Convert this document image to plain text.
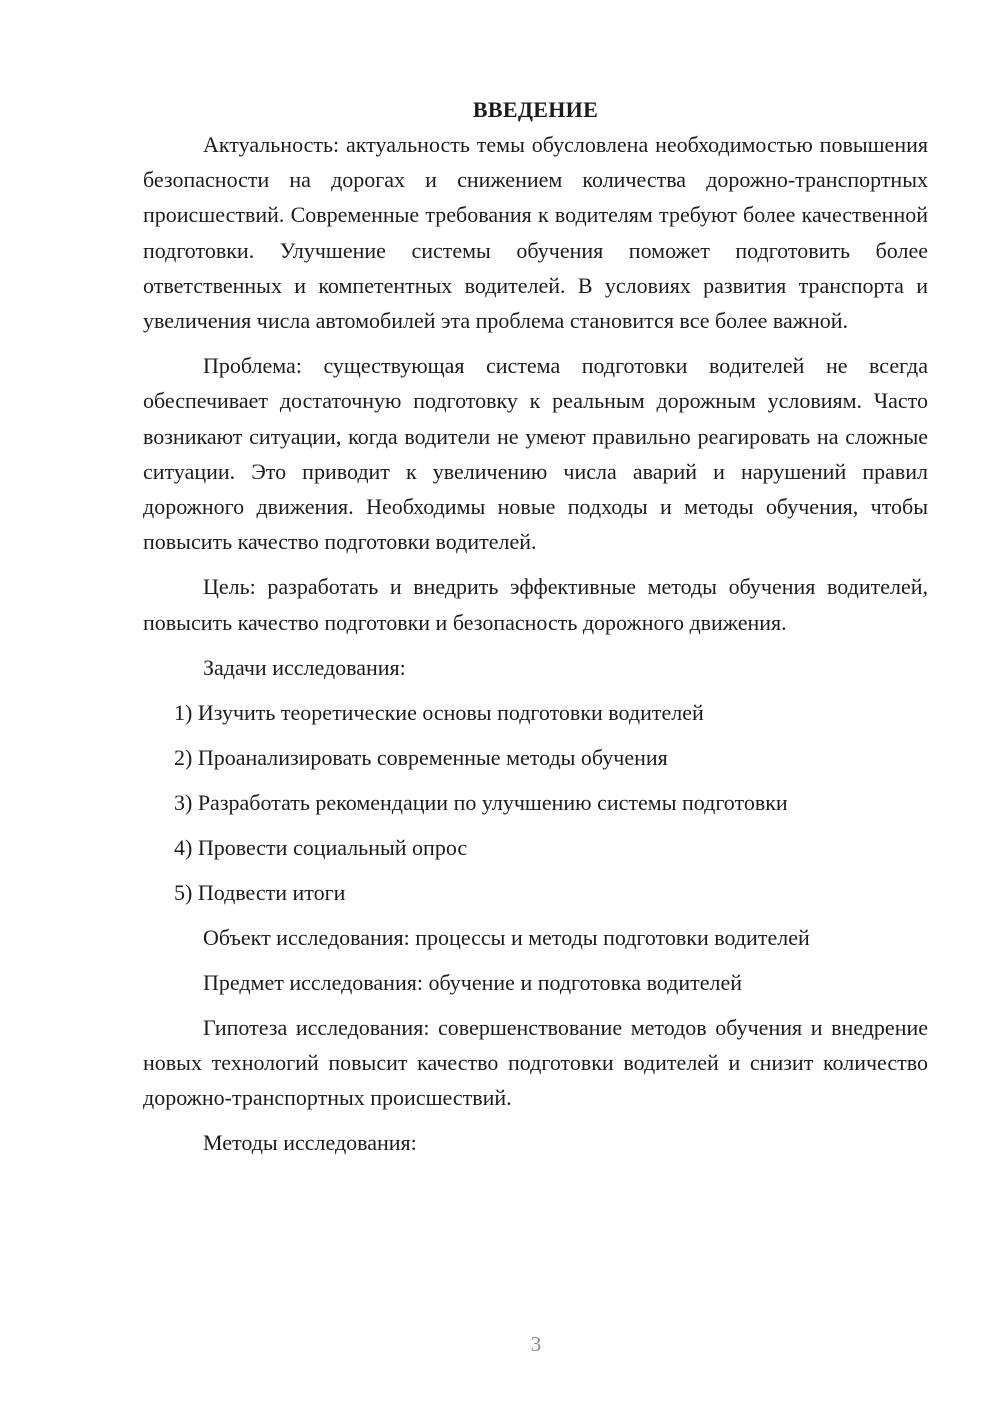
ВВЕДЕНИЕ

Актуальность: актуальность темы обусловлена необходимостью повышения безопасности на дорогах и снижением количества дорожно-транспортных происшествий. Современные требования к водителям требуют более качественной подготовки. Улучшение системы обучения поможет подготовить более ответственных и компетентных водителей. В условиях развития транспорта и увеличения числа автомобилей эта проблема становится все более важной.

Проблема: существующая система подготовки водителей не всегда обеспечивает достаточную подготовку к реальным дорожным условиям. Часто возникают ситуации, когда водители не умеют правильно реагировать на сложные ситуации. Это приводит к увеличению числа аварий и нарушений правил дорожного движения. Необходимы новые подходы и методы обучения, чтобы повысить качество подготовки водителей.

Цель: разработать и внедрить эффективные методы обучения водителей, повысить качество подготовки и безопасность дорожного движения.

Задачи исследования:

1) Изучить теоретические основы подготовки водителей

2) Проанализировать современные методы обучения

3) Разработать рекомендации по улучшению системы подготовки

4) Провести социальный опрос

5) Подвести итоги

Объект исследования: процессы и методы подготовки водителей

Предмет исследования: обучение и подготовка водителей

Гипотеза исследования: совершенствование методов обучения и внедрение новых технологий повысит качество подготовки водителей и снизит количество дорожно-транспортных происшествий.

Методы исследования:

3
